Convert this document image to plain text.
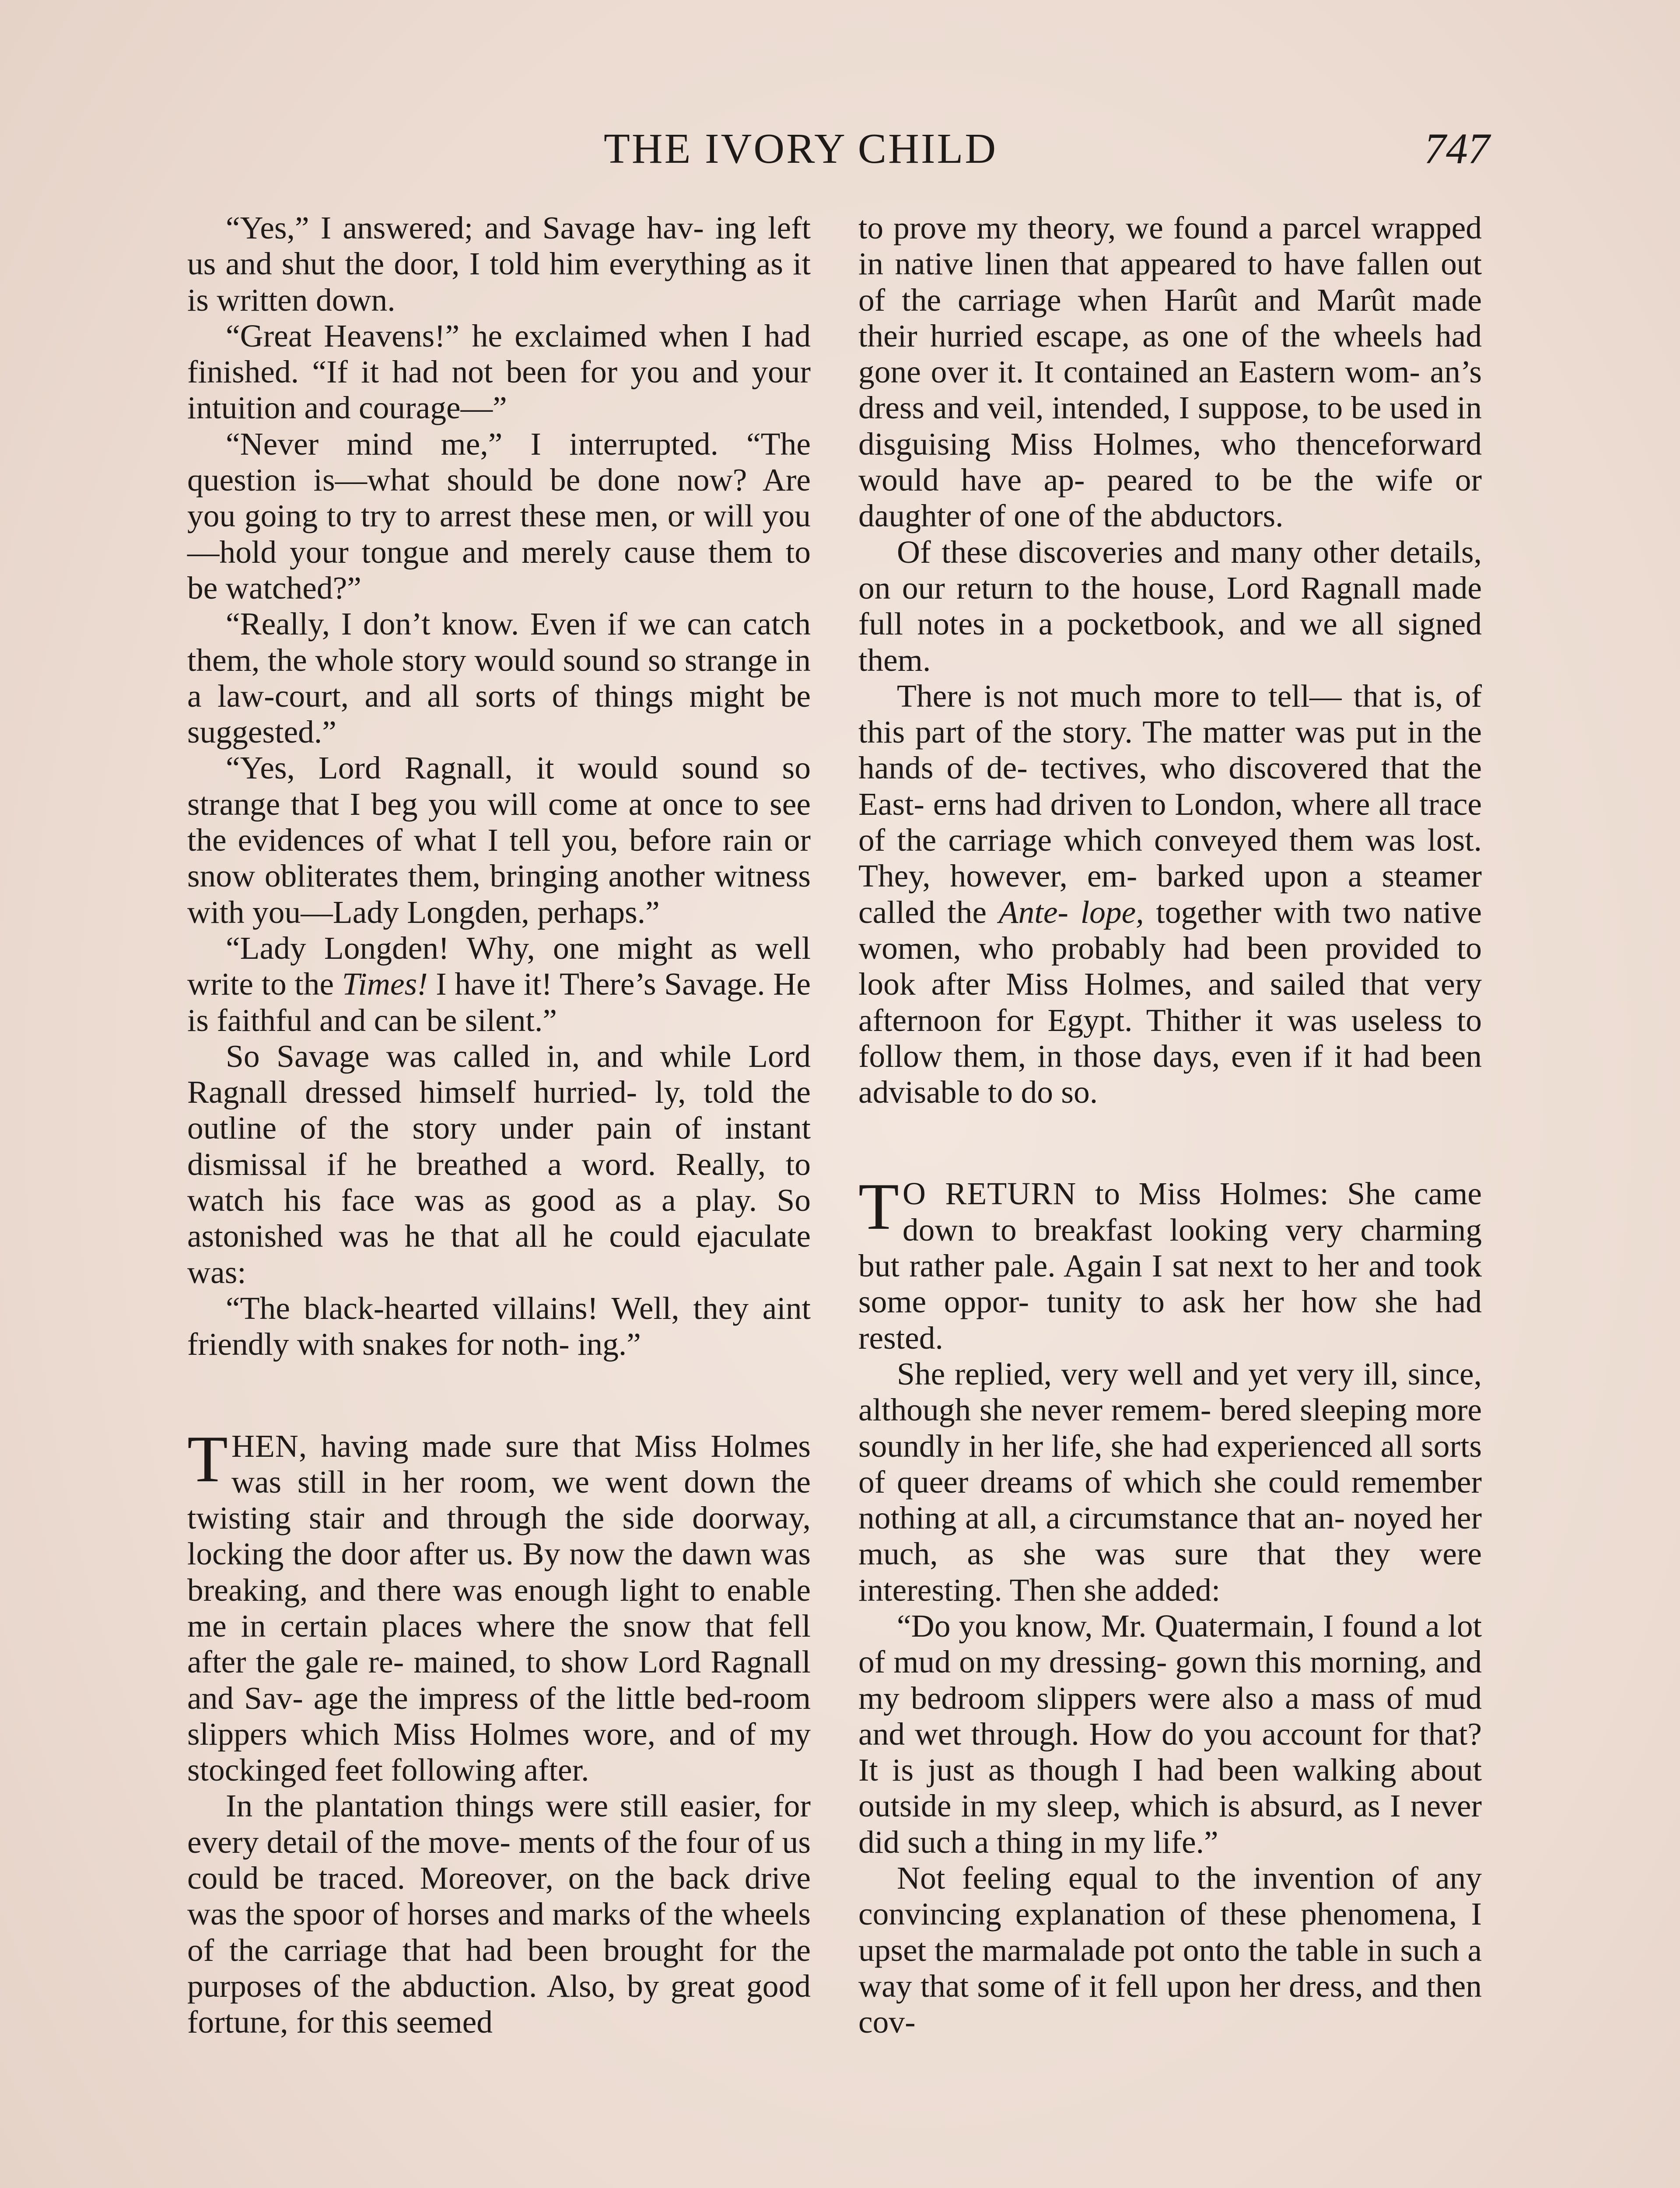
THE IVORY CHILD	747

“Yes,” I answered; and Savage hav- ing left us and shut the door, I told him everything as it is written down.

“Great Heavens!” he exclaimed when I had finished. “If it had not been for you and your intuition and courage—”

“Never mind me,” I interrupted. “The question is—what should be done now? Are you going to try to arrest these men, or will you—hold your tongue and merely cause them to be watched?”

“Really, I don’t know. Even if we can catch them, the whole story would sound so strange in a law-court, and all sorts of things might be suggested.”

“Yes, Lord Ragnall, it would sound so strange that I beg you will come at once to see the evidences of what I tell you, before rain or snow obliterates them, bringing another witness with you—Lady Longden, perhaps.”

“Lady Longden! Why, one might as well write to the Times! I have it! There’s Savage. He is faithful and can be silent.”

So Savage was called in, and while Lord Ragnall dressed himself hurried- ly, told the outline of the story under pain of instant dismissal if he breathed a word. Really, to watch his face was as good as a play. So astonished was he that all he could ejaculate was:

“The black-hearted villains! Well, they aint friendly with snakes for noth- ing.”

THEN, having made sure that Miss Holmes was still in her room, we went down the twisting stair and through the side doorway, locking the door after us. By now the dawn was breaking, and there was enough light to enable me in certain places where the snow that fell after the gale re- mained, to show Lord Ragnall and Sav- age the impress of the little bed-room slippers which Miss Holmes wore, and of my stockinged feet following after.

In the plantation things were still easier, for every detail of the move- ments of the four of us could be traced. Moreover, on the back drive was the spoor of horses and marks of the wheels of the carriage that had been brought for the purposes of the abduction. Also, by great good fortune, for this seemed

to prove my theory, we found a parcel wrapped in native linen that appeared to have fallen out of the carriage when Harût and Marût made their hurried escape, as one of the wheels had gone over it. It contained an Eastern wom- an’s dress and veil, intended, I suppose, to be used in disguising Miss Holmes, who thenceforward would have ap- peared to be the wife or daughter of one of the abductors.

Of these discoveries and many other details, on our return to the house, Lord Ragnall made full notes in a pocketbook, and we all signed them.

There is not much more to tell— that is, of this part of the story. The matter was put in the hands of de- tectives, who discovered that the East- erns had driven to London, where all trace of the carriage which conveyed them was lost. They, however, em- barked upon a steamer called the Ante- lope, together with two native women, who probably had been provided to look after Miss Holmes, and sailed that very afternoon for Egypt. Thither it was useless to follow them, in those days, even if it had been advisable to do so.

T O RETURN to Miss Holmes: She came down to breakfast looking very charming but rather pale. Again I sat next to her and took some oppor- tunity to ask her how she had rested.

She replied, very well and yet very ill, since, although she never remem- bered sleeping more soundly in her life, she had experienced all sorts of queer dreams of which she could remember nothing at all, a circumstance that an- noyed her much, as she was sure that they were interesting. Then she added:

“Do you know, Mr. Quatermain, I found a lot of mud on my dressing- gown this morning, and my bedroom slippers were also a mass of mud and wet through. How do you account for that? It is just as though I had been walking about outside in my sleep, which is absurd, as I never did such a thing in my life.”

Not feeling equal to the invention of any convincing explanation of these phenomena, I upset the marmalade pot onto the table in such a way that some of it fell upon her dress, and then cov-
